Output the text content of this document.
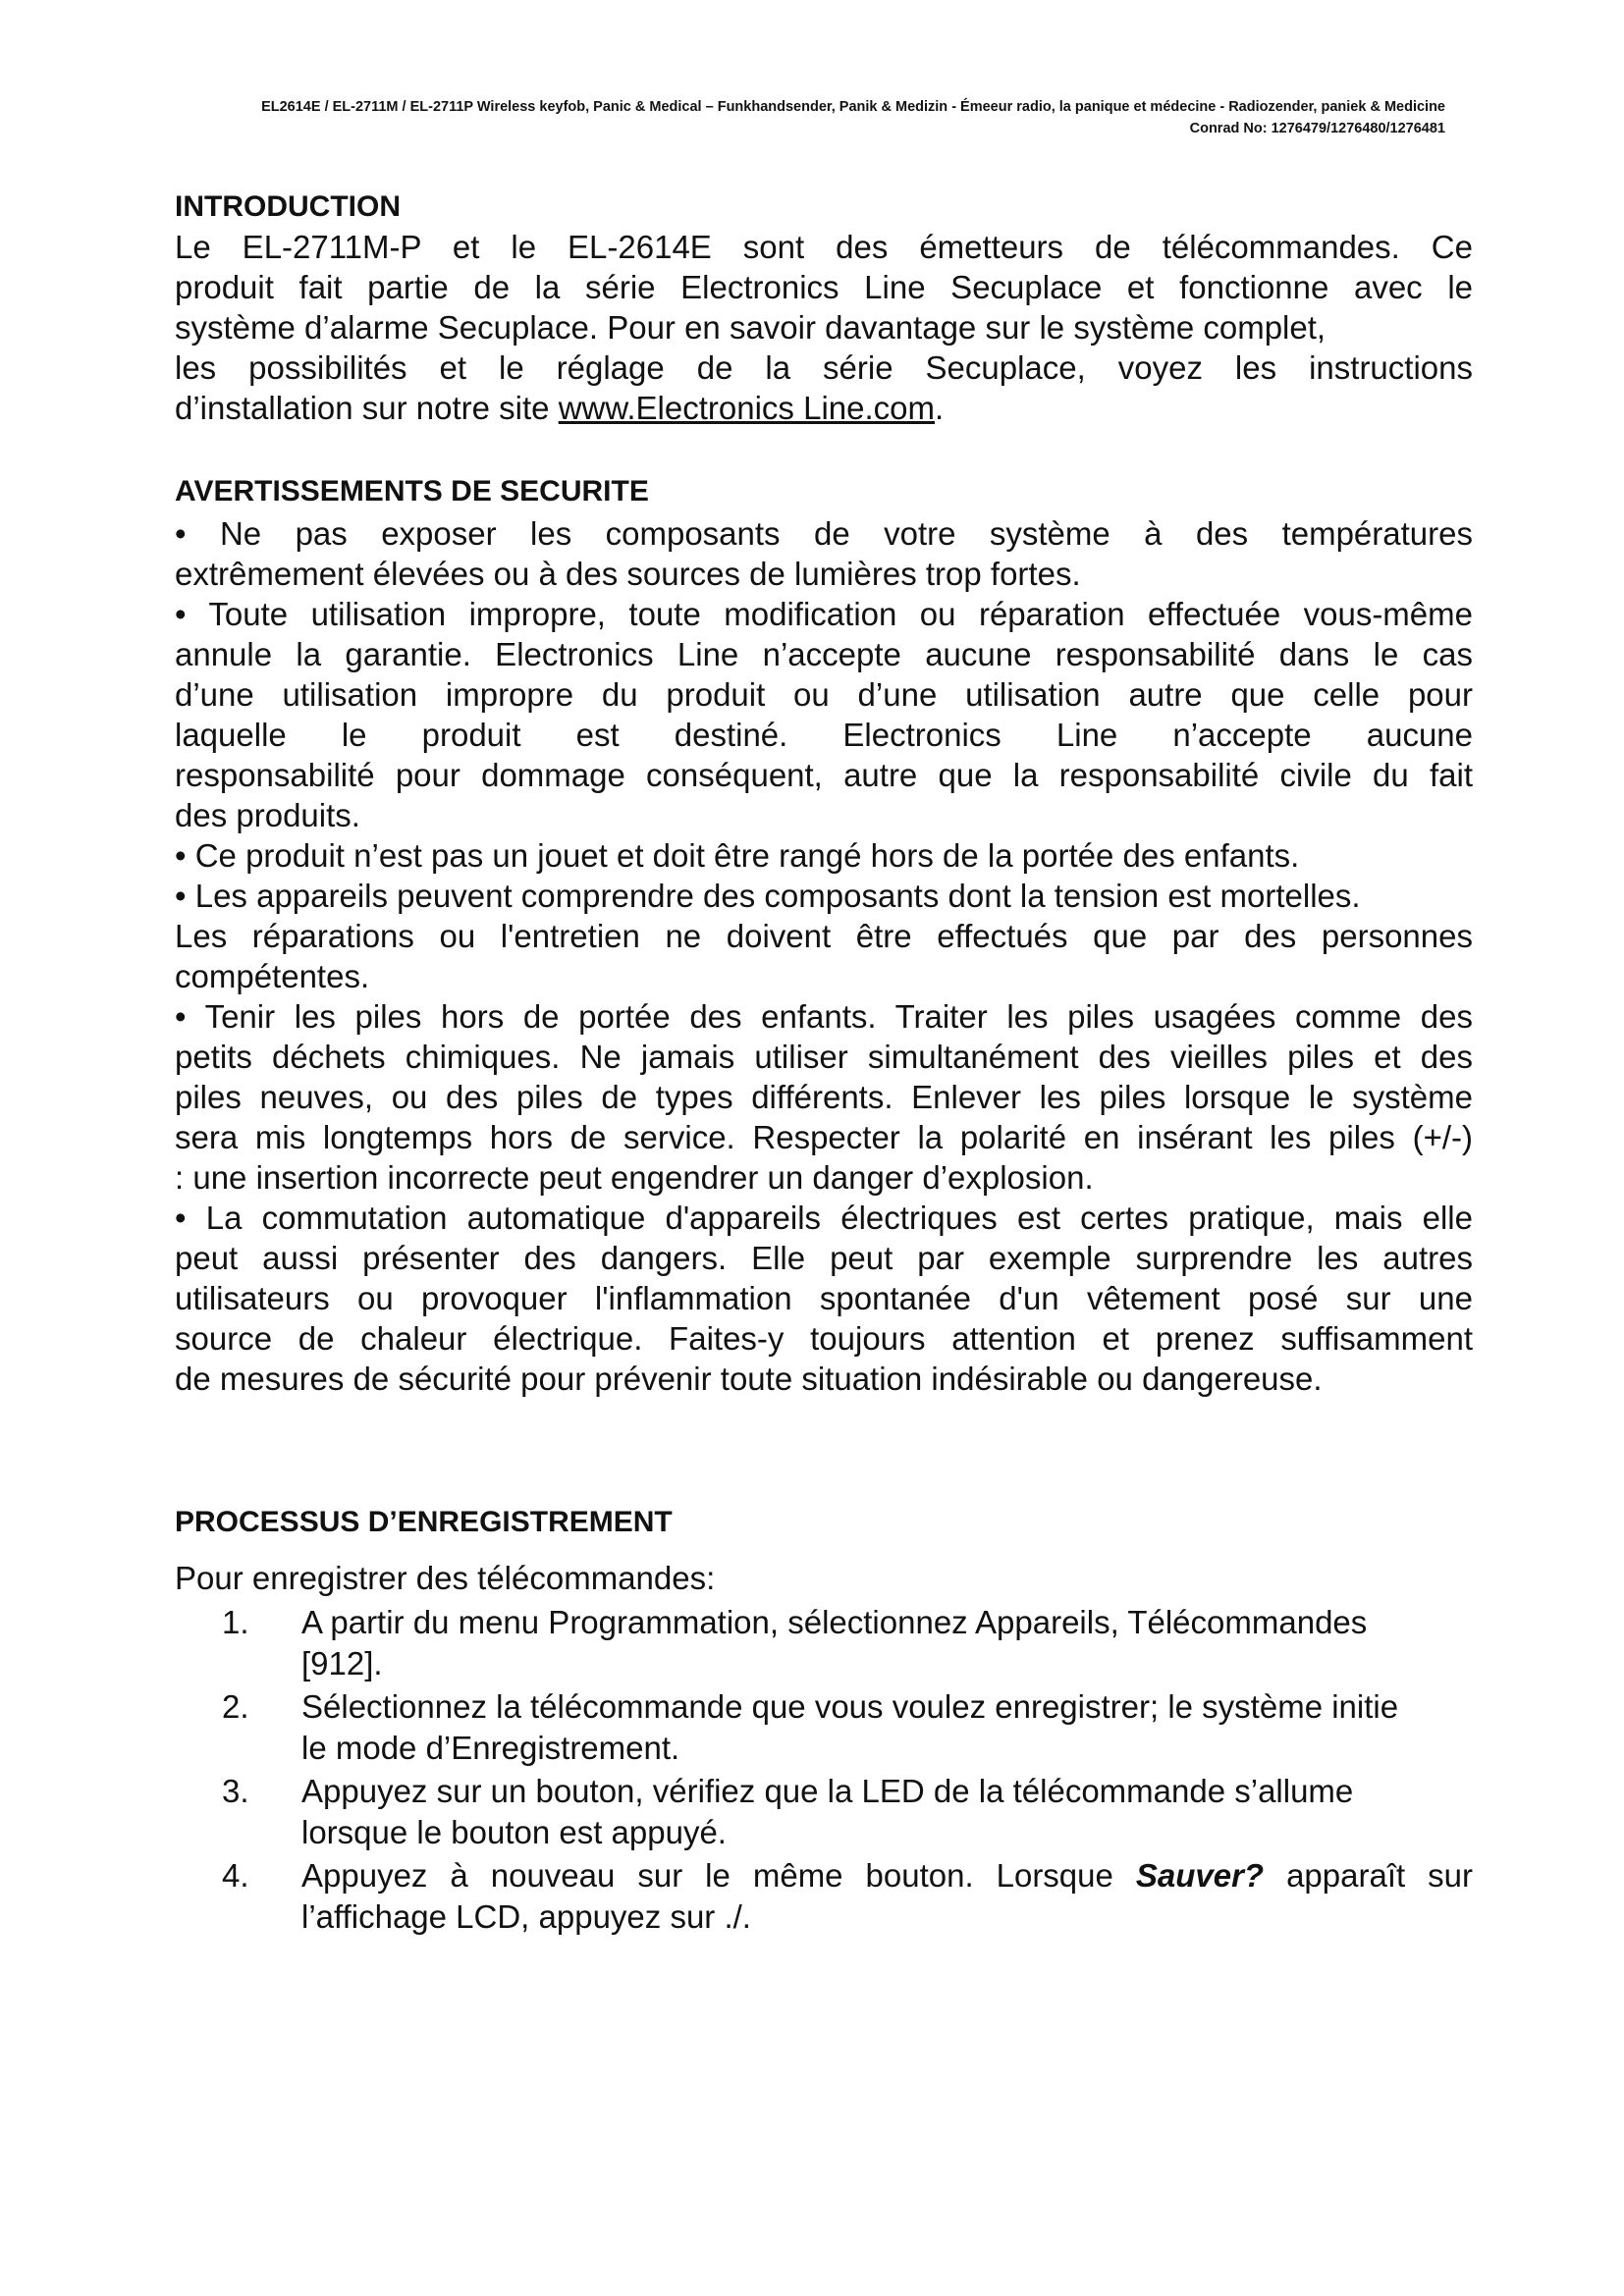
EL2614E / EL-2711M / EL-2711P Wireless keyfob, Panic & Medical – Funkhandsender, Panik & Medizin - Émeeur radio, la panique et médecine - Radiozender, paniek & Medicine
Conrad No: 1276479/1276480/1276481
INTRODUCTION
Le EL-2711M-P et le EL-2614E sont des émetteurs de télécommandes. Ce
produit fait partie de la série Electronics Line Secuplace et fonctionne avec le
système d’alarme Secuplace. Pour en savoir davantage sur le système complet,
les possibilités et le réglage de la série Secuplace, voyez les instructions
d’installation sur notre site www.Electronics Line.com.
AVERTISSEMENTS DE SECURITE
• Ne pas exposer les composants de votre système à des températures
extrêmement élevées ou à des sources de lumières trop fortes.
• Toute utilisation impropre, toute modification ou réparation effectuée vous-même
annule la garantie. Electronics Line n’accepte aucune responsabilité dans le cas
d’une utilisation impropre du produit ou d’une utilisation autre que celle pour
laquelle le produit est destiné. Electronics Line n’accepte aucune
responsabilité pour dommage conséquent, autre que la responsabilité civile du fait
des produits.
• Ce produit n’est pas un jouet et doit être rangé hors de la portée des enfants.
• Les appareils peuvent comprendre des composants dont la tension est mortelles.
Les réparations ou l'entretien ne doivent être effectués que par des personnes
compétentes.
• Tenir les piles hors de portée des enfants. Traiter les piles usagées comme des
petits déchets chimiques. Ne jamais utiliser simultanément des vieilles piles et des
piles neuves, ou des piles de types différents. Enlever les piles lorsque le système
sera mis longtemps hors de service. Respecter la polarité en insérant les piles (+/-)
: une insertion incorrecte peut engendrer un danger d’explosion.
• La commutation automatique d'appareils électriques est certes pratique, mais elle
peut aussi présenter des dangers. Elle peut par exemple surprendre les autres
utilisateurs ou provoquer l'inflammation spontanée d'un vêtement posé sur une
source de chaleur électrique. Faites-y toujours attention et prenez suffisamment
de mesures de sécurité pour prévenir toute situation indésirable ou dangereuse.
PROCESSUS D’ENREGISTREMENT
Pour enregistrer des télécommandes:
1. A partir du menu Programmation, sélectionnez Appareils, Télécommandes
[912].
2. Sélectionnez la télécommande que vous voulez enregistrer; le système initie
le mode d’Enregistrement.
3. Appuyez sur un bouton, vérifiez que la LED de la télécommande s’allume
lorsque le bouton est appuyé.
4. Appuyez à nouveau sur le même bouton. Lorsque Sauver? apparaît sur
l’affichage LCD, appuyez sur ./.
